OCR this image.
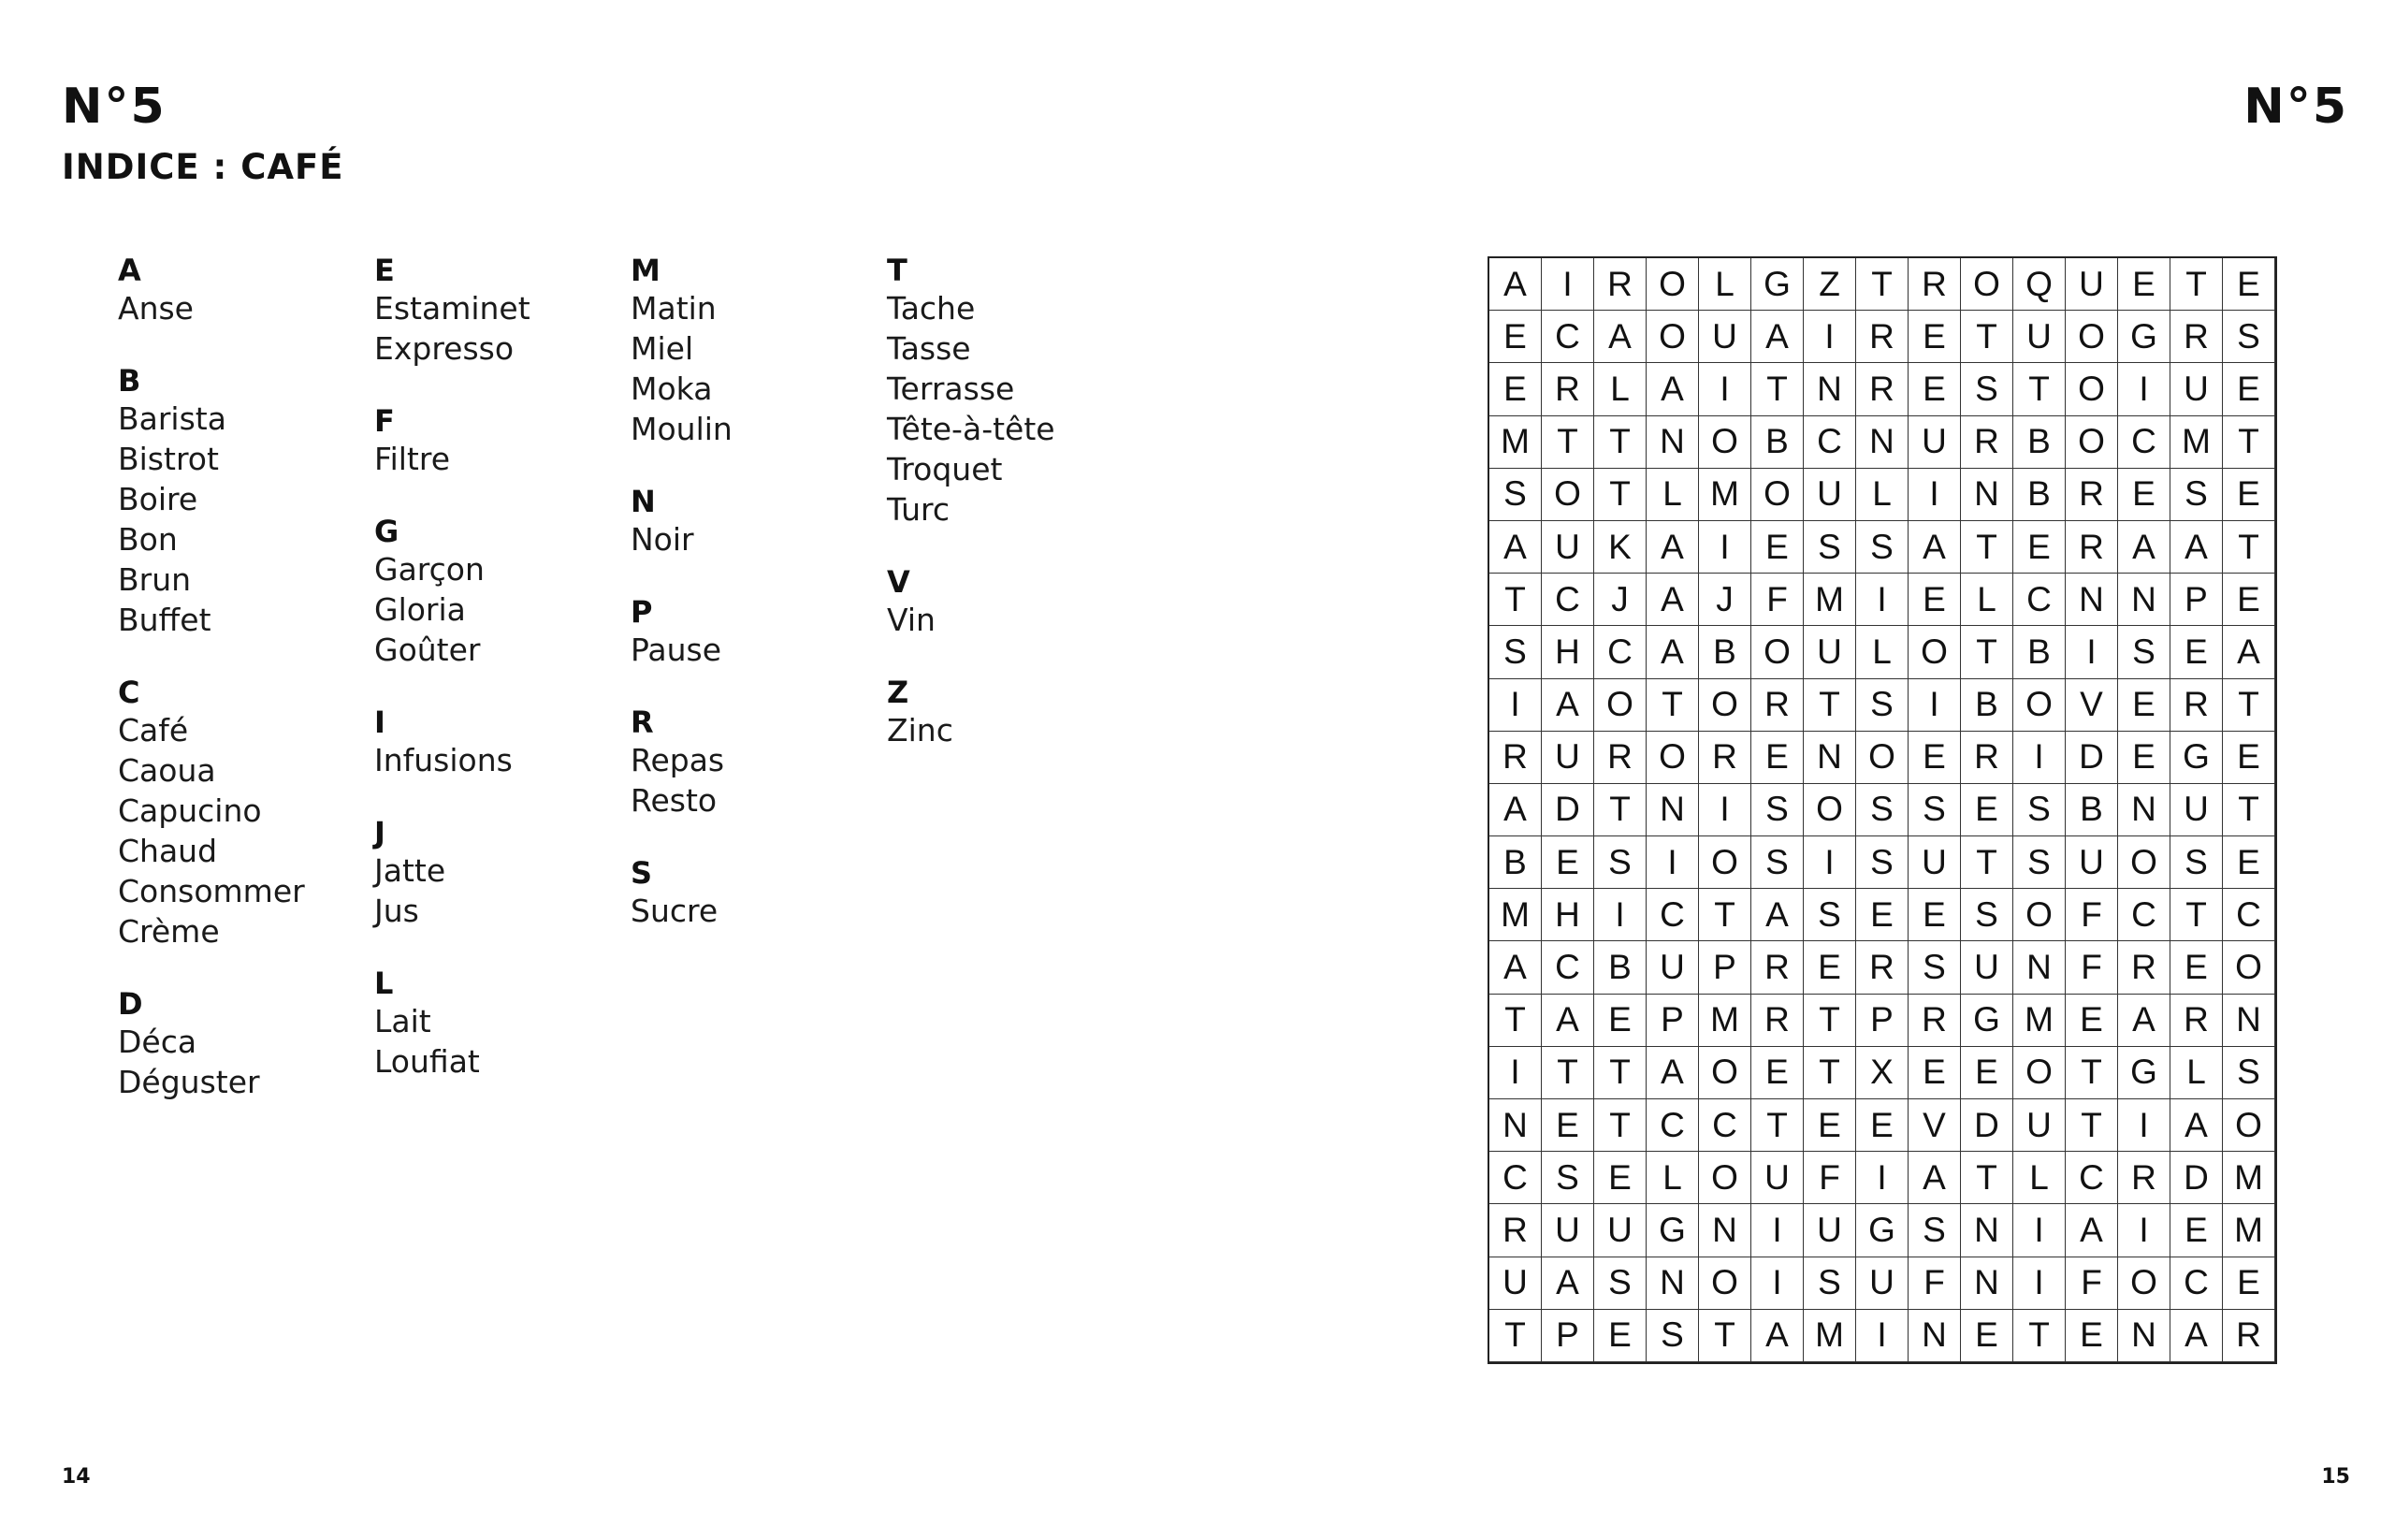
N°5
INDICE : CAFÉ
A
Anse
B
Barista
Bistrot
Boire
Bon
Brun
Buffet
C
Café
Caoua
Capucino
Chaud
Consommer
Crème
D
Déca
Déguster
E
Estaminet
Expresso
F
Filtre
G
Garçon
Gloria
Goûter
I
Infusions
J
Jatte
Jus
L
Lait
Loufiat
M
Matin
Miel
Moka
Moulin
N
Noir
P
Pause
R
Repas
Resto
S
Sucre
T
Tache
Tasse
Terrasse
Tête-à-tête
Troquet
Turc
V
Vin
Z
Zinc
14
N°5
A	I	R O L G Z T R O Q U E T E
E C A O U A	I	R E T U O G R S
E R L A	I	T N R E S T O I	U E
M T T N O B C N U R B O C M T
S O T L M O U L	I	N B R E S E
A U K A	I	E S S A T E R A A T
T C J A J F M I	E L C N N P E
S H C A B O U L O T B	I	S E A
I	A O T O R T S	I	B O V E R T
R U R O R E N O E R	I	D E G E
A D T N	I	S O S S E S B N U T
B E S	I O S	I	S U T S U O S E
M H	I	C T A S E E S O F C T C
A C B U P R E R S U N F R E O
T A E P M R T P R G M E A R N
I	T T A O E T X E E O T G L S
N E T C C T E E V D U T	I	A O
C S E L O U F	I	A T L C R D M
R U U G N	I	U G S N	I	A	I	E M
U A S N O I	S U F N	I	F O C E
T P E S T A M I	N E T E N A R
15
